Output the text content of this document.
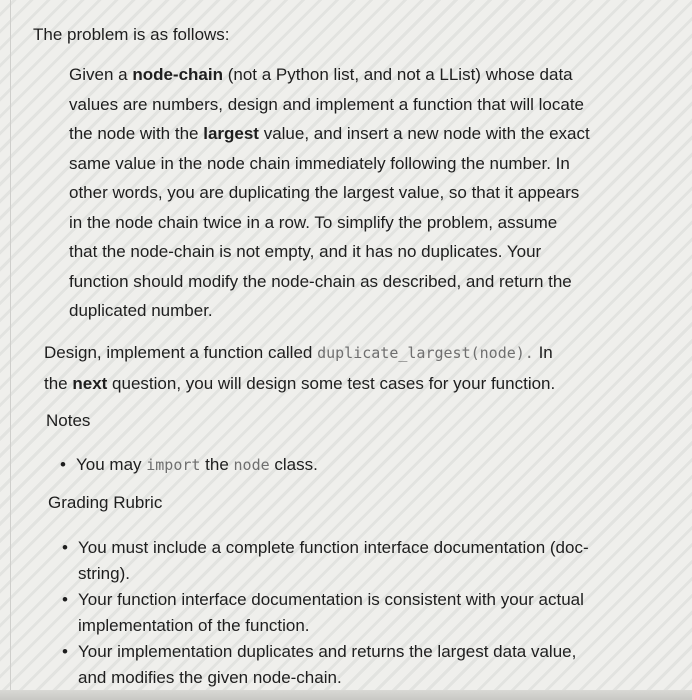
The problem is as follows:

Given a node-chain (not a Python list, and not a LList) whose data
values are numbers, design and implement a function that will locate
the node with the largest value, and insert a new node with the exact
same value in the node chain immediately following the number. In
other words, you are duplicating the largest value, so that it appears
in the node chain twice in a row. To simplify the problem, assume
that the node-chain is not empty, and it has no duplicates. Your
function should modify the node-chain as described, and return the
duplicated number.
Design, implement a function called duplicate_largest(node). In
the next question, you will design some test cases for your function.

Notes

• You may import the node class.

Grading Rubric

• You must include a complete function interface documentation (doc-
string).
• Your function interface documentation is consistent with your actual
implementation of the function.
• Your implementation duplicates and returns the largest data value,
and modifies the given node-chain.
